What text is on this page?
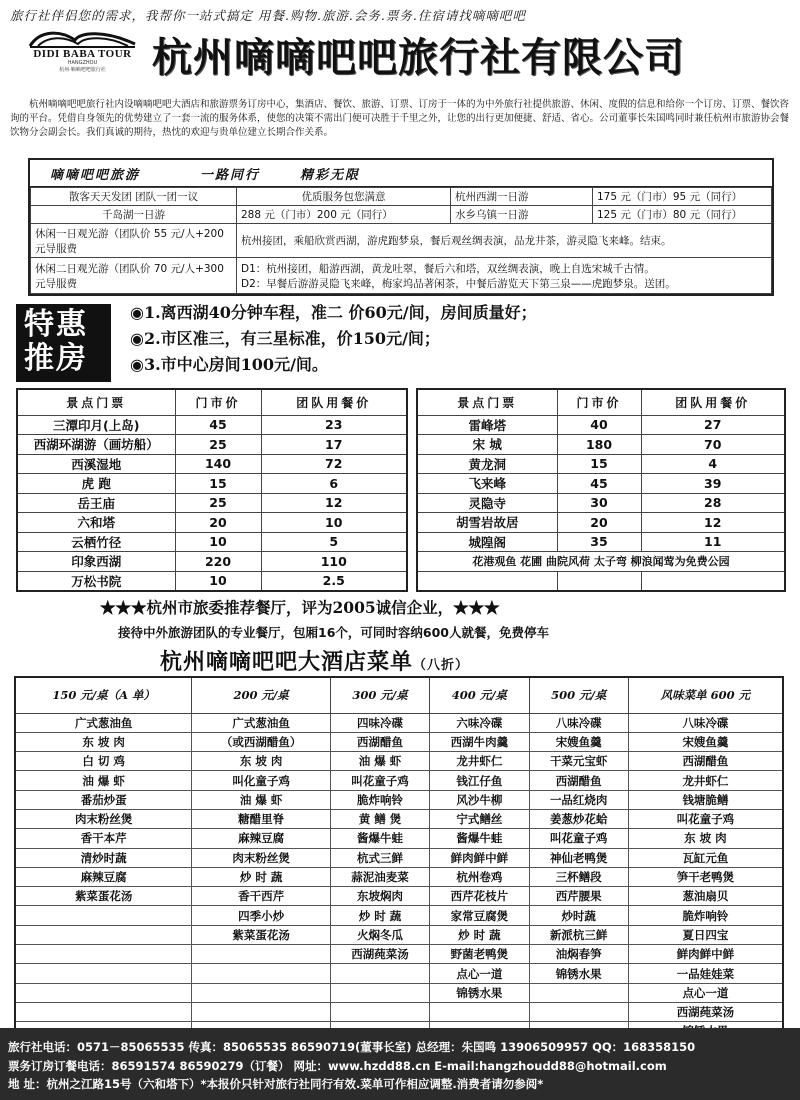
旅行社伴侣您的需求，我帮你一站式搞定 用餐.购物.旅游.会务.票务.住宿请找嘀嘀吧吧
DIDI BABA TOUR
HANGZHOU
杭州·嘀嘀吧吧旅行社	杭州嘀嘀吧吧旅行社有限公司
杭州嘀嘀吧吧旅行社内设嘀嘀吧吧大酒店和旅游票务订房中心，集酒店、餐饮、旅游、订票、订房于一体的为中外旅行社提供旅游、休闲、度假的信息和给你一个订房、订票、餐饮咨询的平台。凭借自身领先的优势建立了一套一流的服务体系，使您的决策不需出门便可决胜于千里之外，让您的出行更加便捷、舒适、省心。公司董事长朱国鸣同时兼任杭州市旅游协会餐饮物分会副会长。我们真诚的期待，热忱的欢迎与贵单位建立长期合作关系。
嘀嘀吧吧旅游	一路同行	精彩无限
散客天天发团 团队一团一议	优质服务包您满意	杭州西湖一日游	175 元（门市）95 元（同行）
千岛湖一日游	288 元（门市）200 元（同行）	水乡乌镇一日游	125 元（门市）80 元（同行）
休闲一日观光游（团队价 55 元/人+200 元导服费	杭州接团，乘船欣赏西湖，游虎跑梦泉，餐后观丝绸表演，品龙井茶，游灵隐飞来峰。结束。		
休闲二日观光游（团队价 70 元/人+300 元导服费	D1：杭州接团，船游西湖，黄龙吐翠，餐后六和塔，双丝绸表演，晚上自选宋城千古情。
D2：早餐后游游灵隐飞来峰，梅家坞品著闲茶，中餐后游览天下第三泉——虎跑梦泉。送团。		
特惠
推房
◉1.离西湖40分钟车程，准二 价60元/间，房间质量好；
◉2.市区准三，有三星标准，价150元/间；
◉3.市中心房间100元/间。
景点门票	门市价	团队用餐价
三潭印月(上岛)	45	23
西湖环湖游（画坊船）	25	17
西溪湿地	140	72
虎 跑	15	6
岳王庙	25	12
六和塔	20	10
云栖竹径	10	5
印象西湖	220	110
万松书院	10	2.5
景点门票	门市价	团队用餐价
雷峰塔	40	27
宋 城	180	70
黄龙洞	15	4
飞来峰	45	39
灵隐寺	30	28
胡雪岩故居	20	12
城隍阁	35	11
花港观鱼 花圃 曲院风荷 太子弯 柳浪闻莺为免费公园		

★★★杭州市旅委推荐餐厅，评为2005诚信企业，★★★
接待中外旅游团队的专业餐厅，包厢16个，可同时容纳600人就餐，免费停车
杭州嘀嘀吧吧大酒店菜单（八折）
150 元/桌（A 单）	200 元/桌	300 元/桌	400 元/桌	500 元/桌	风味菜单 600 元
广式葱油鱼	广式葱油鱼	四味冷碟	六味冷碟	八味冷碟	八味冷碟
东 坡 肉	（或西湖醋鱼）	西湖醋鱼	西湖牛肉羹	宋嫂鱼羹	宋嫂鱼羹
白 切 鸡	东 坡 肉	油 爆 虾	龙井虾仁	干菜元宝虾	西湖醋鱼
油 爆 虾	叫化童子鸡	叫花童子鸡	钱江仔鱼	西湖醋鱼	龙井虾仁
番茄炒蛋	油 爆 虾	脆炸响铃	风沙牛柳	一品红烧肉	钱塘脆鳝
肉末粉丝煲	糖醋里脊	黄 鳝 煲	宁式鳝丝	姜葱炒花蛤	叫花童子鸡
香干本芹	麻辣豆腐	酱爆牛蛙	酱爆牛蛙	叫花童子鸡	东 坡 肉
清炒时蔬	肉末粉丝煲	杭式三鲜	鲜肉鲜中鲜	神仙老鸭煲	瓦缸元鱼
麻辣豆腐	炒 时 蔬	蒜泥油麦菜	杭州卷鸡	三杯鳝段	笋干老鸭煲
紫菜蛋花汤	香干西芹	东坡焖肉	西芹花枝片	西芹腰果	葱油扇贝
	四季小炒	炒 时 蔬	家常豆腐煲	炒时蔬	脆炸响铃
	紫菜蛋花汤	火焖冬瓜	炒 时 蔬	新派杭三鲜	夏日四宝
		西湖莼菜汤	野菌老鸭煲	油焖春笋	鲜肉鲜中鲜
			点心一道	锦锈水果	一品娃娃菜
			锦锈水果		点心一道
					西湖莼菜汤

旅行社电话：0571－85065535 传真：85065535 86590719(董事长室) 总经理：朱国鸣 13906509957 QQ：168358150
票务订房订餐电话：86591574 86590279（订餐） 网址：www.hzdd88.cn E-mail:hangzhoudd88@hotmail.com
地 址：杭州之江路15号（六和塔下）*本报价只针对旅行社同行有效.菜单可作相应调整.消费者请勿参阅*
